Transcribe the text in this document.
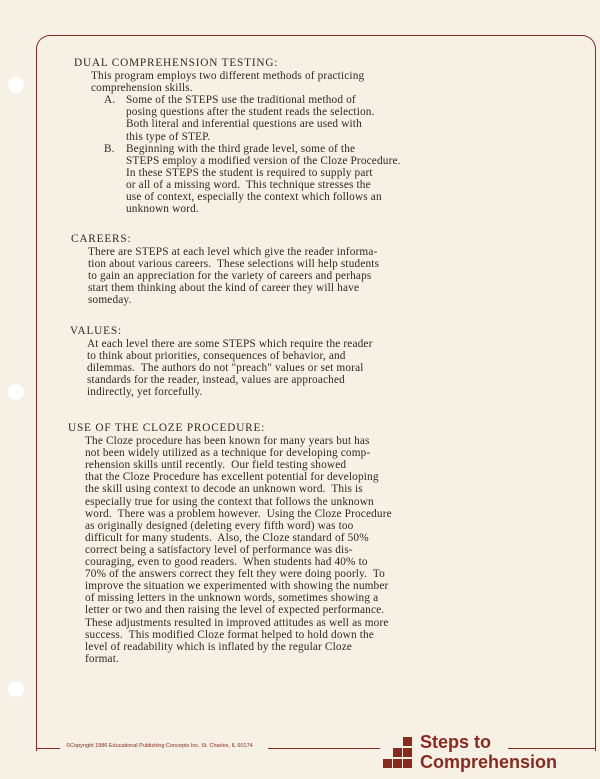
DUAL COMPREHENSION TESTING:

This program employs two different methods of practicing
comprehension skills.
A. Some of the STEPS use the traditional method of
posing questions after the student reads the selection.
Both literal and inferential questions are used with
this type of STEP.
B. Beginning with the third grade level, some of the
STEPS employ a modified version of the Cloze Procedure.
In these STEPS the student is required to supply part
or all of a missing word.  This technique stresses the
use of context, especially the context which follows an
unknown word.

CAREERS:

There are STEPS at each level which give the reader informa-
tion about various careers.  These selections will help students
to gain an appreciation for the variety of careers and perhaps
start them thinking about the kind of career they will have
someday.

VALUES:

At each level there are some STEPS which require the reader
to think about priorities, consequences of behavior, and
dilemmas.  The authors do not "preach" values or set moral
standards for the reader, instead, values are approached
indirectly, yet forcefully.

USE OF THE CLOZE PROCEDURE:

The Cloze procedure has been known for many years but has
not been widely utilized as a technique for developing comp-
rehension skills until recently.  Our field testing showed
that the Cloze Procedure has excellent potential for developing
the skill using context to decode an unknown word.  This is
especially true for using the context that follows the unknown
word.  There was a problem however.  Using the Cloze Procedure
as originally designed (deleting every fifth word) was too
difficult for many students.  Also, the Cloze standard of 50%
correct being a satisfactory level of performance was dis-
couraging, even to good readers.  When students had 40% to
70% of the answers correct they felt they were doing poorly.  To
improve the situation we experimented with showing the number
of missing letters in the unknown words, sometimes showing a
letter or two and then raising the level of expected performance.
These adjustments resulted in improved attitudes as well as more
success.  This modified Cloze format helped to hold down the
level of readability which is inflated by the regular Cloze
format.
©Copyright 1986 Educational Publishing Concepts Inc. St. Charles, IL 60174	Steps to
Comprehension
